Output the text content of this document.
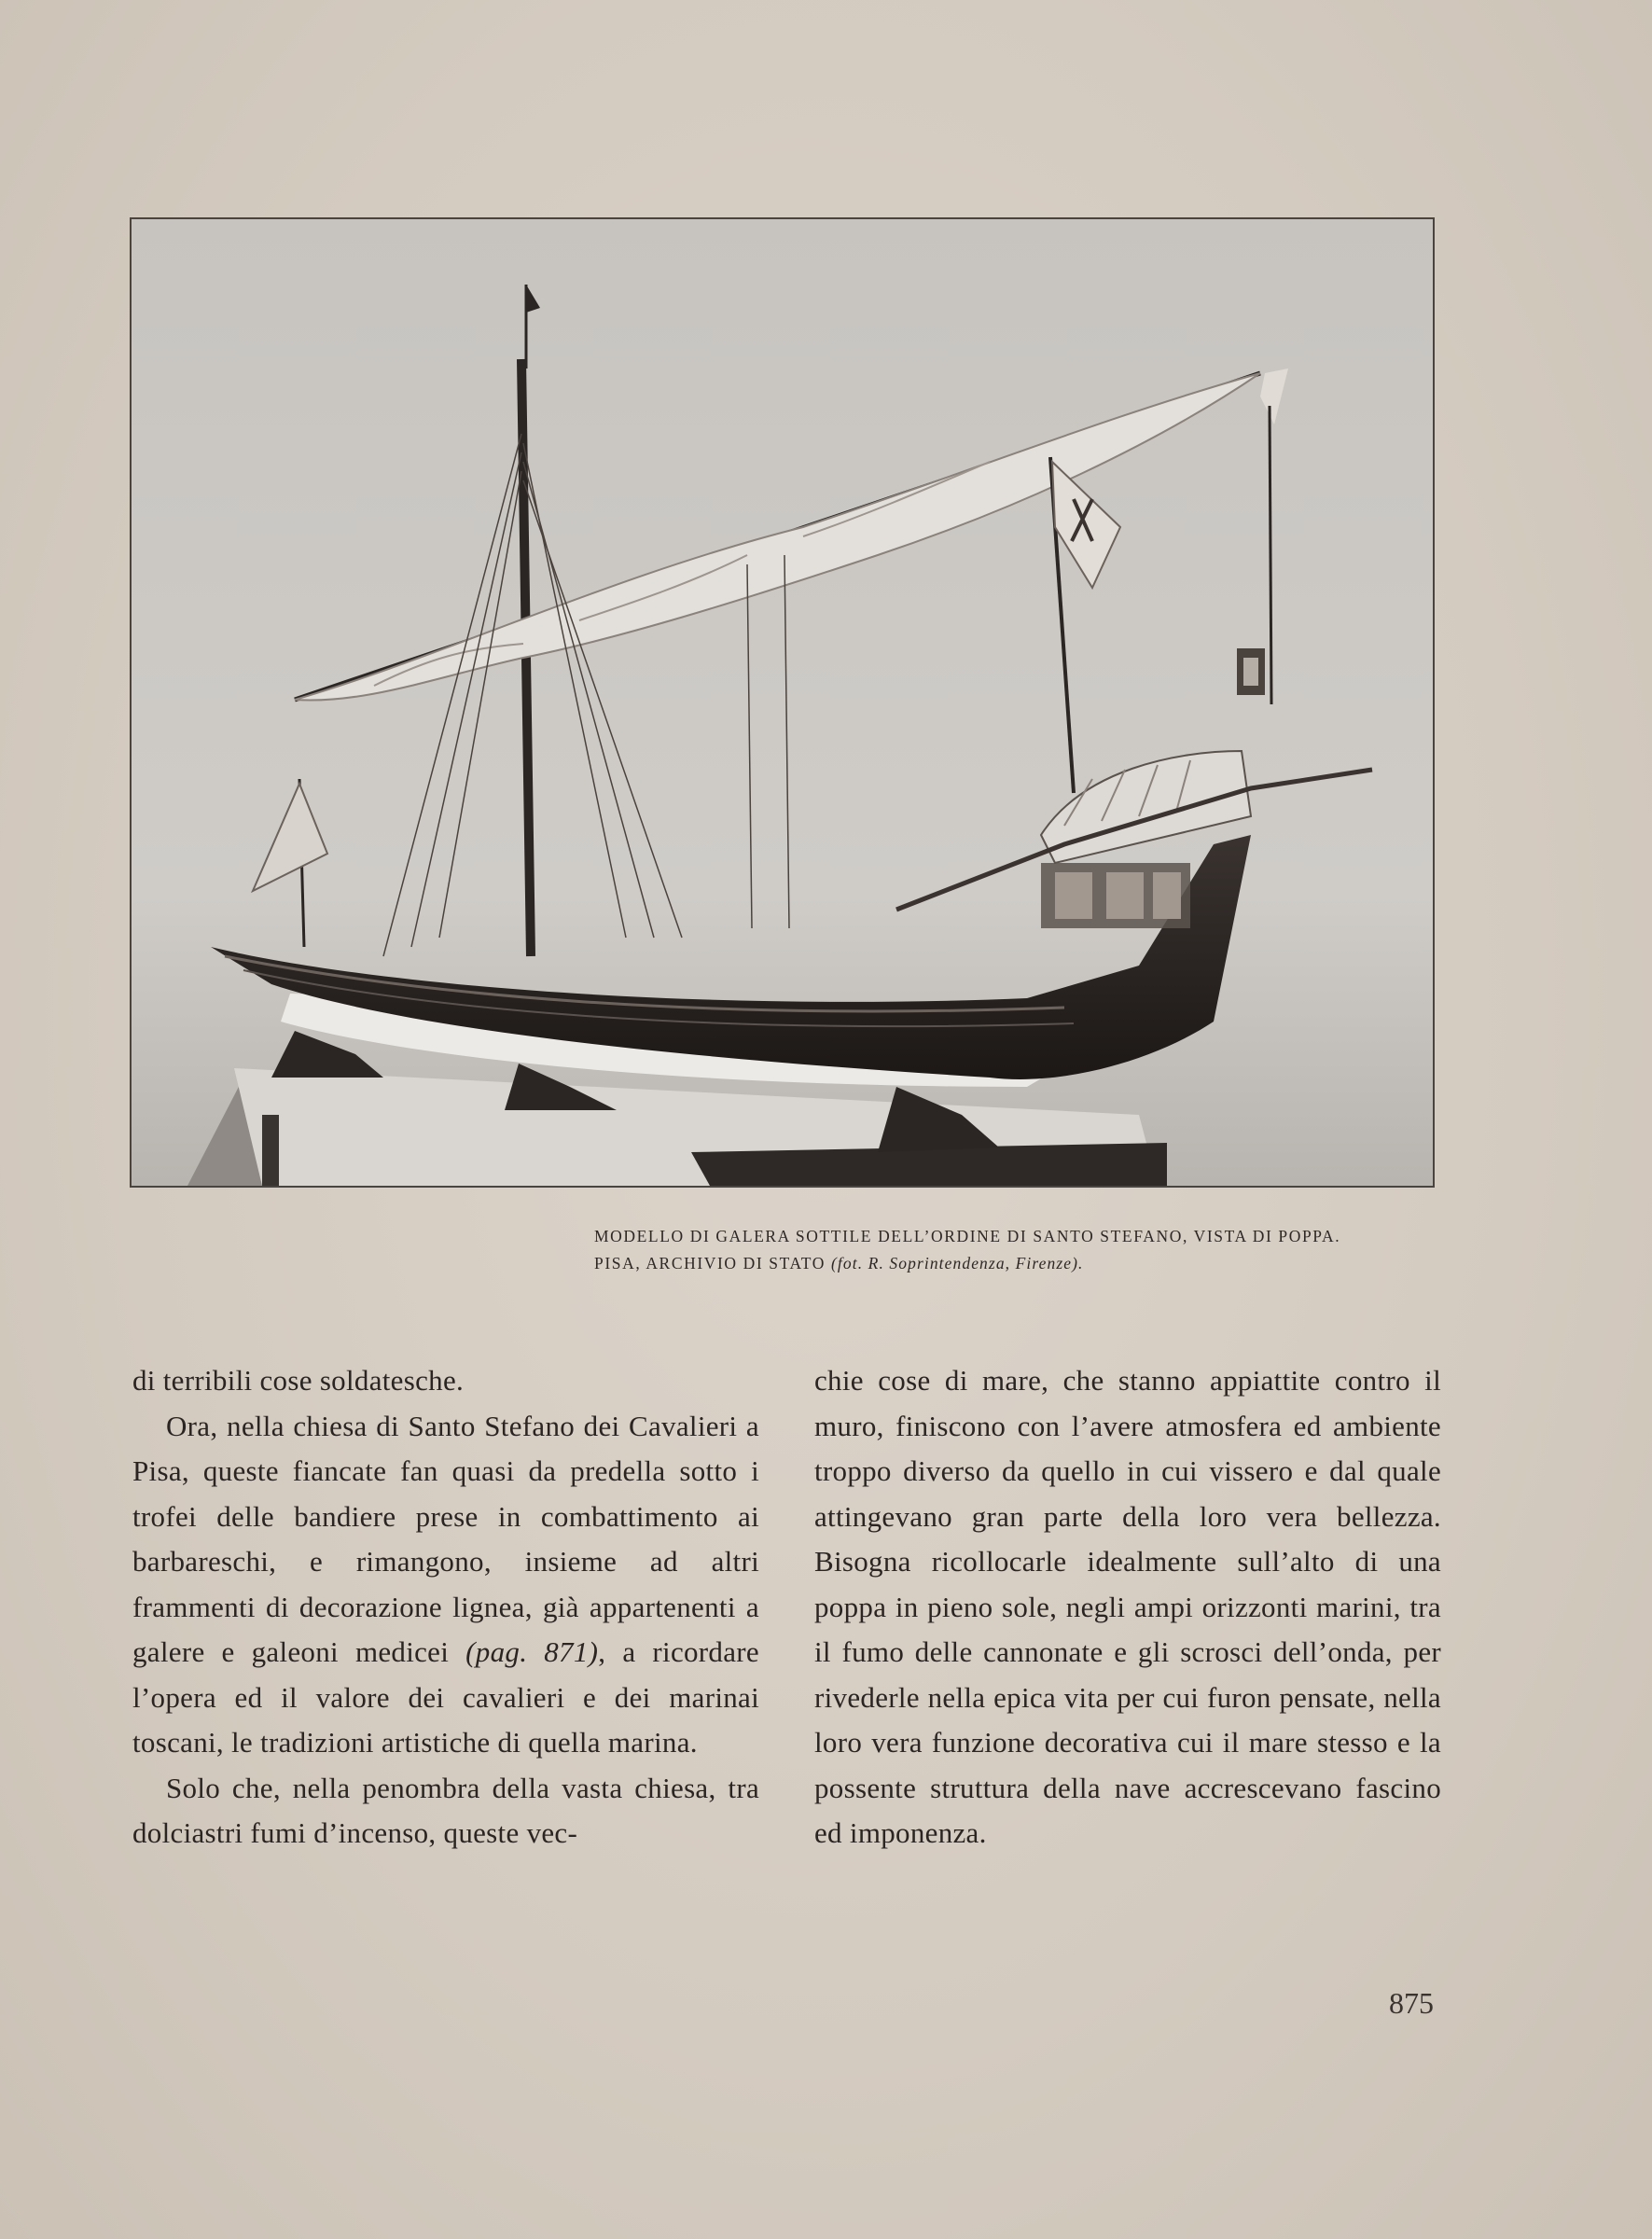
MODELLO DI GALERA SOTTILE DELL’ORDINE DI SANTO STEFANO, VISTA DI POPPA.
PISA, ARCHIVIO DI STATO (fot. R. Soprintendenza, Firenze).

di terribili cose soldatesche.

Ora, nella chiesa di Santo Stefano dei Cavalieri a Pisa, queste fiancate fan quasi da predella sotto i trofei delle bandiere prese in combattimento ai barbareschi, e rimangono, insieme ad altri frammenti di decorazione lignea, già appartenenti a galere e galeoni medicei (pag. 871), a ricordare l’opera ed il valore dei cavalieri e dei marinai toscani, le tradizioni artistiche di quella marina.

Solo che, nella penombra della vasta chiesa, tra dolciastri fumi d’incenso, queste vec-

chie cose di mare, che stanno appiattite contro il muro, finiscono con l’avere atmosfera ed ambiente troppo diverso da quello in cui vissero e dal quale attingevano gran parte della loro vera bellezza. Bisogna ricollocarle idealmente sull’alto di una poppa in pieno sole, negli ampi orizzonti marini, tra il fumo delle cannonate e gli scrosci dell’onda, per rivederle nella epica vita per cui furon pensate, nella loro vera funzione decorativa cui il mare stesso e la possente struttura della nave accrescevano fascino ed imponenza.

875
